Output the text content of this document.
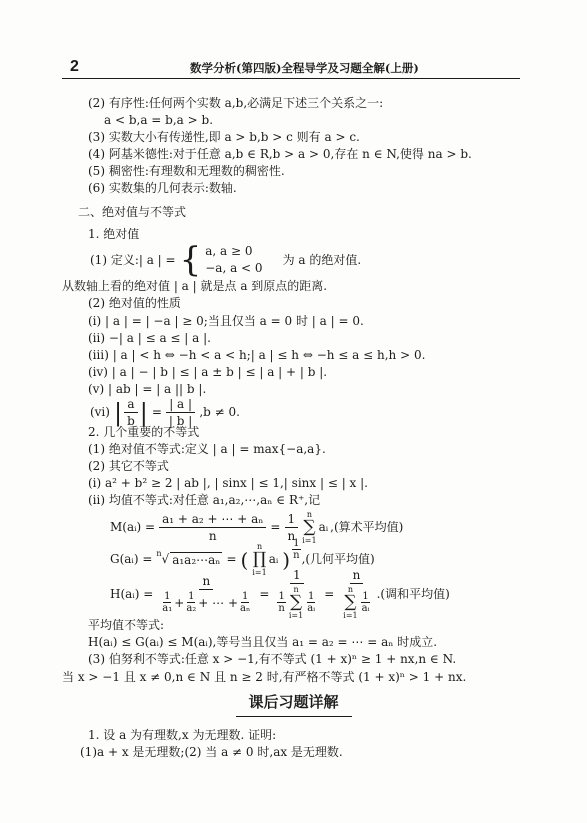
2	数学分析(第四版)全程导学及习题全解(上册)
(2) 有序性:任何两个实数 a,b,必满足下述三个关系之一:
a < b,a = b,a > b.
(3) 实数大小有传递性,即 a > b,b > c 则有 a > c.
(4) 阿基米德性:对于任意 a,b ∈ R,b > a > 0,存在 n ∈ N,使得 na > b.
(5) 稠密性:有理数和无理数的稠密性.
(6) 实数集的几何表示:数轴.
二、绝对值与不等式
1. 绝对值
(1) 定义:| a | = { a, a ≥ 0
−a, a < 0
为 a 的绝对值.
从数轴上看的绝对值 | a | 就是点 a 到原点的距离.
(2) 绝对值的性质
(ⅰ) | a | = | −a | ≥ 0;当且仅当 a = 0 时 | a | = 0.
(ⅱ) −| a | ≤ a ≤ | a |.
(ⅲ) | a | < h ⇔ −h < a < h;| a | ≤ h ⇔ −h ≤ a ≤ h,h > 0.
(ⅳ) | a | − | b | ≤ | a ± b | ≤ | a | + | b |.
(ⅴ) | ab | = | a || b |.
(ⅵ) | $\frac{a}{b}$ | = $\frac{| a |}{| b |} ,b \ne 0$.
2. 几个重要的不等式
(1) 绝对值不等式:定义 | a | = max{−a,a}.
(2) 其它不等式
(ⅰ) a² + b² ≥ 2 | ab |, | sinx | ≤ 1,| sinx | ≤ | x |.
(ⅱ) 均值不等式:对任意 a₁,a₂,⋯,aₙ ∈ R⁺,记
M(aᵢ) = $\frac{\text{a₁ + a₂ + ⋯ + aₙ}}{n} = \frac{1}{n}$ n
∑
i=1
aᵢ ,(算术平均值)
G(aᵢ) = n √ a₁a₂⋯aₙ = (
n
∏
i=1
aᵢ ) $\frac{1}{n}$ ,(几何平均值)
H(aᵢ) =
n
$\frac{1}{\text{a₁}} + \frac{1}{\text{a₂}}$ + ⋯ + $\frac{1}{\text{aₙ}}$ =
1
$\frac{1}{n}$
n
∑
i=1
$\frac{1}{\text{aᵢ}}$ =
n
n
∑
i=1
$\frac{1}{\text{aᵢ}}$ .(调和平均值)
平均值不等式:
H(aᵢ) ≤ G(aᵢ) ≤ M(aᵢ),等号当且仅当 a₁ = a₂ = ⋯ = aₙ 时成立.
(3) 伯努利不等式:任意 x > −1,有不等式 (1 + x)ⁿ ≥ 1 + nx,n ∈ N.
当 x > −1 且 x ≠ 0,n ∈ N 且 n ≥ 2 时,有严格不等式 (1 + x)ⁿ > 1 + nx.
课后习题详解
1. 设 a 为有理数,x 为无理数. 证明:
(1)a + x 是无理数;(2) 当 a ≠ 0 时,ax 是无理数.
